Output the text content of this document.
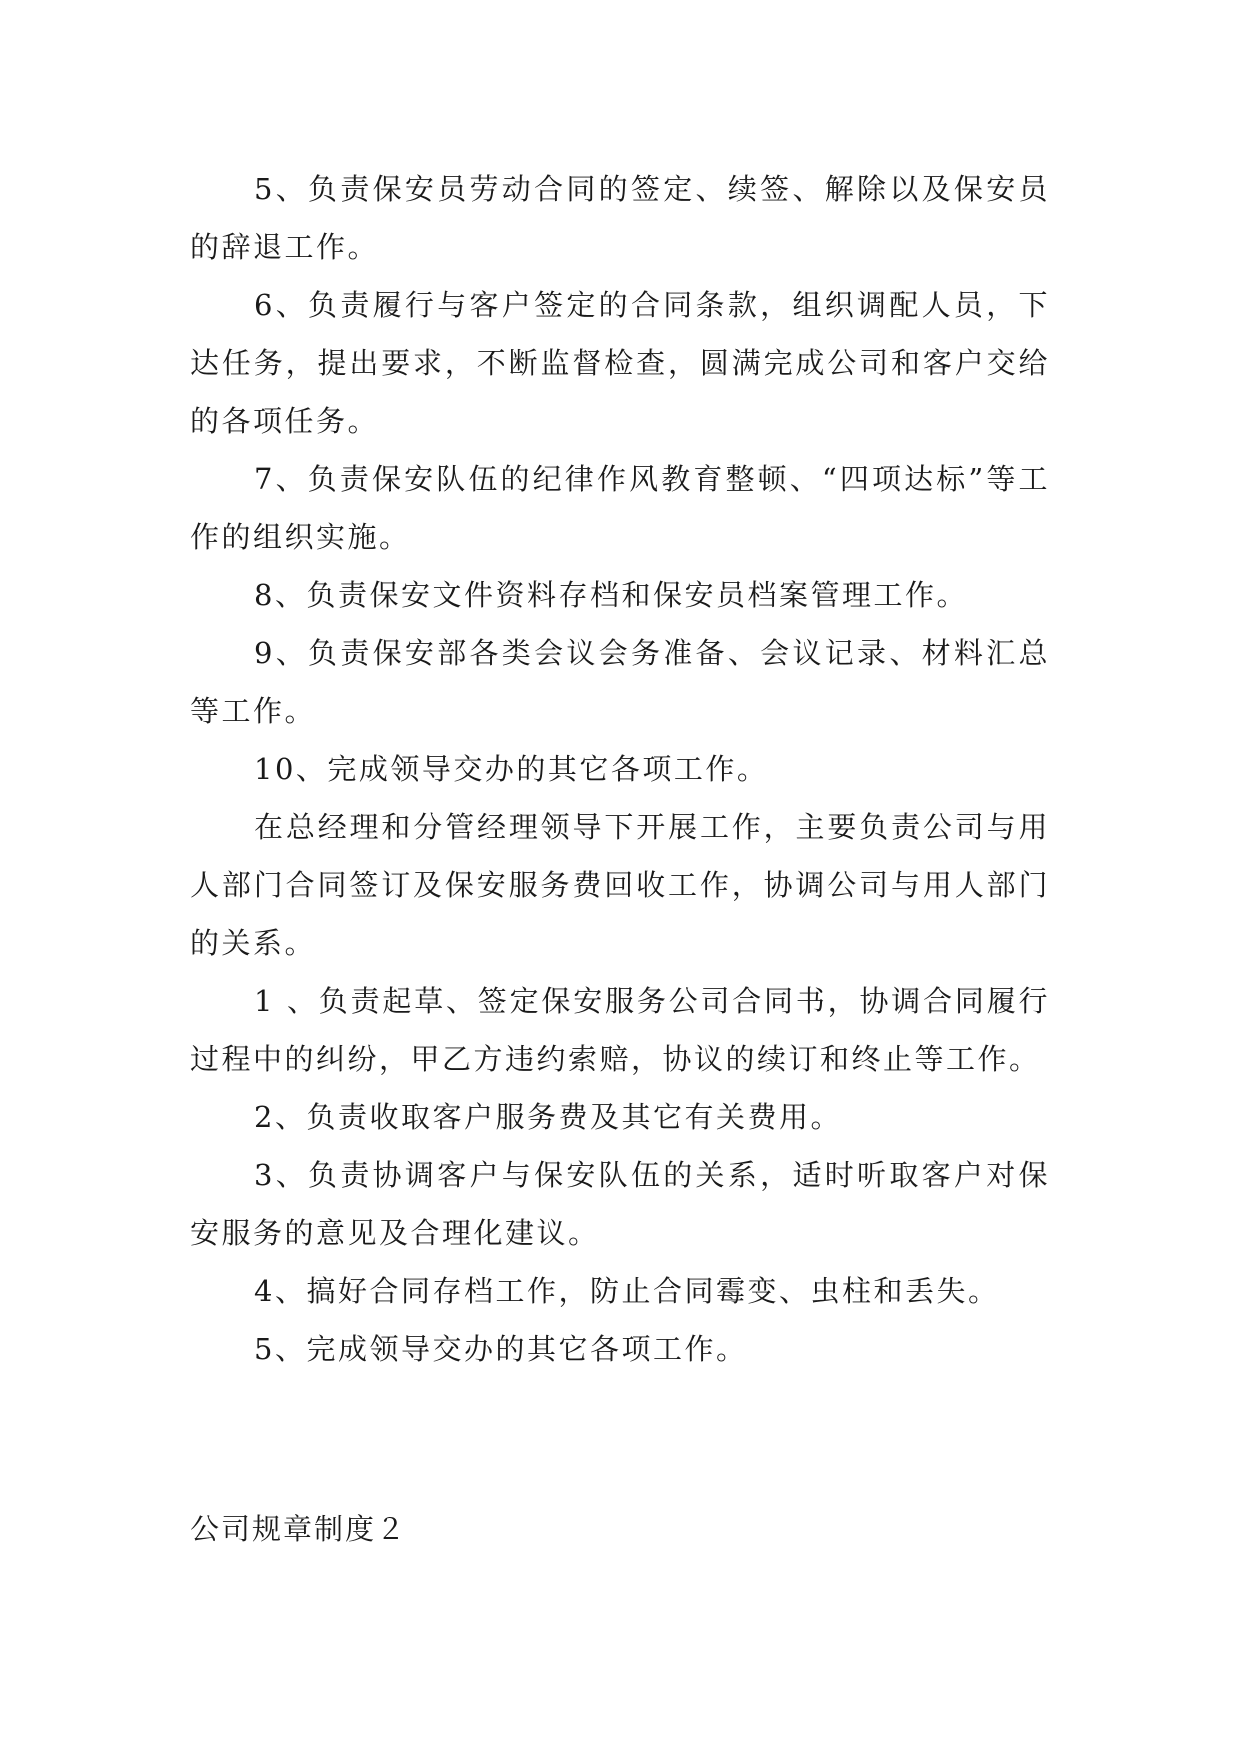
5、负责保安员劳动合同的签定、续签、解除以及保安员的辞退工作。

6、负责履行与客户签定的合同条款，组织调配人员，下达任务，提出要求，不断监督检查，圆满完成公司和客户交给的各项任务。

7、负责保安队伍的纪律作风教育整顿、“四项达标”等工作的组织实施。

8、负责保安文件资料存档和保安员档案管理工作。

9、负责保安部各类会议会务准备、会议记录、材料汇总等工作。

10、完成领导交办的其它各项工作。

在总经理和分管经理领导下开展工作，主要负责公司与用人部门合同签订及保安服务费回收工作，协调公司与用人部门的关系。

1 、负责起草、签定保安服务公司合同书，协调合同履行过程中的纠纷，甲乙方违约索赔，协议的续订和终止等工作。

2、负责收取客户服务费及其它有关费用。

3、负责协调客户与保安队伍的关系，适时听取客户对保安服务的意见及合理化建议。

4、搞好合同存档工作，防止合同霉变、虫柱和丢失。

5、完成领导交办的其它各项工作。

公司规章制度２
